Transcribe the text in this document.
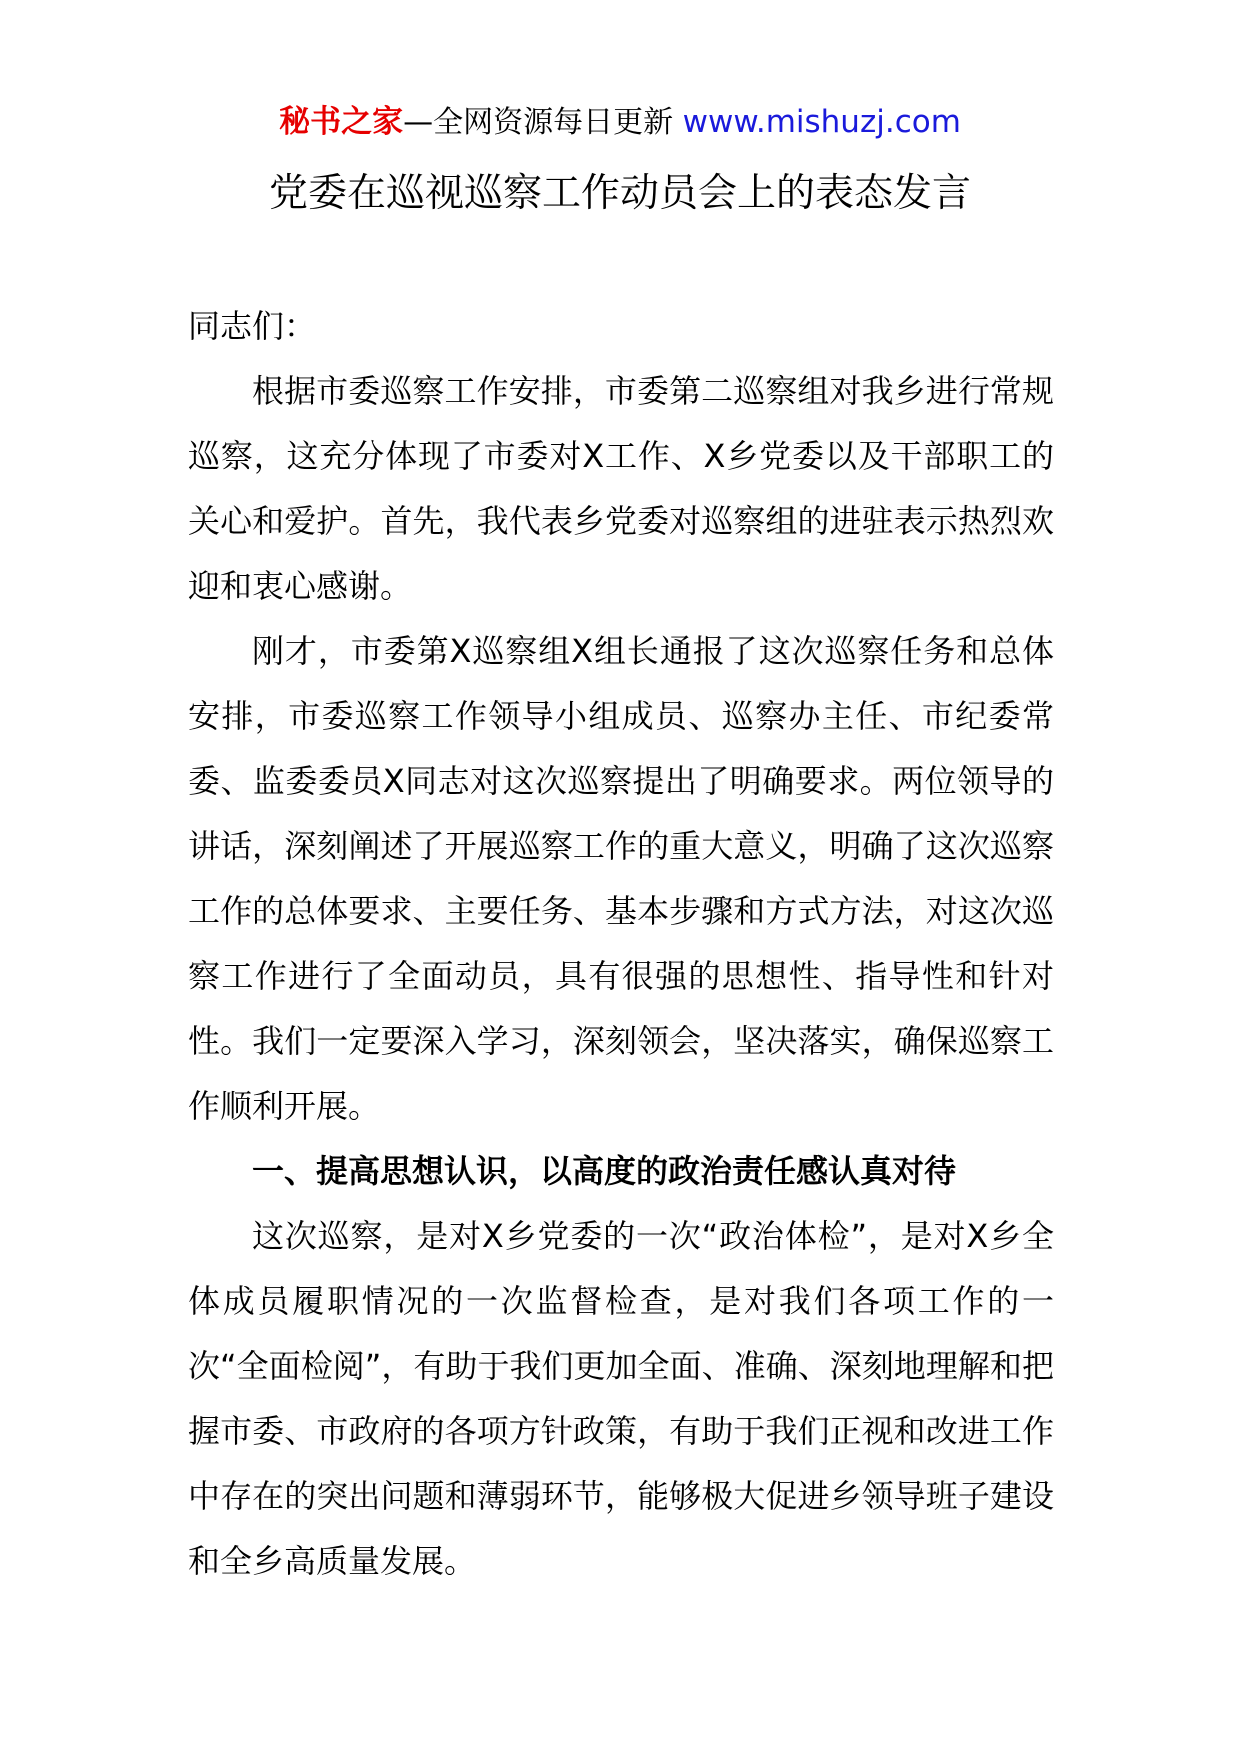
秘书之家—全网资源每日更新 www.mishuzj.com
党委在巡视巡察工作动员会上的表态发言

同志们：

根据市委巡察工作安排，市委第二巡察组对我乡进行常规巡察，这充分体现了市委对X工作、X乡党委以及干部职工的关心和爱护。首先，我代表乡党委对巡察组的进驻表示热烈欢迎和衷心感谢。

刚才，市委第X巡察组X组长通报了这次巡察任务和总体安排，市委巡察工作领导小组成员、巡察办主任、市纪委常委、监委委员X同志对这次巡察提出了明确要求。两位领导的讲话，深刻阐述了开展巡察工作的重大意义，明确了这次巡察工作的总体要求、主要任务、基本步骤和方式方法，对这次巡察工作进行了全面动员，具有很强的思想性、指导性和针对性。我们一定要深入学习，深刻领会，坚决落实，确保巡察工作顺利开展。

一、提高思想认识，以高度的政治责任感认真对待

这次巡察，是对X乡党委的一次“政治体检”，是对X乡全体成员履职情况的一次监督检查，是对我们各项工作的一次“全面检阅”，有助于我们更加全面、准确、深刻地理解和把握市委、市政府的各项方针政策，有助于我们正视和改进工作中存在的突出问题和薄弱环节，能够极大促进乡领导班子建设和全乡高质量发展。
